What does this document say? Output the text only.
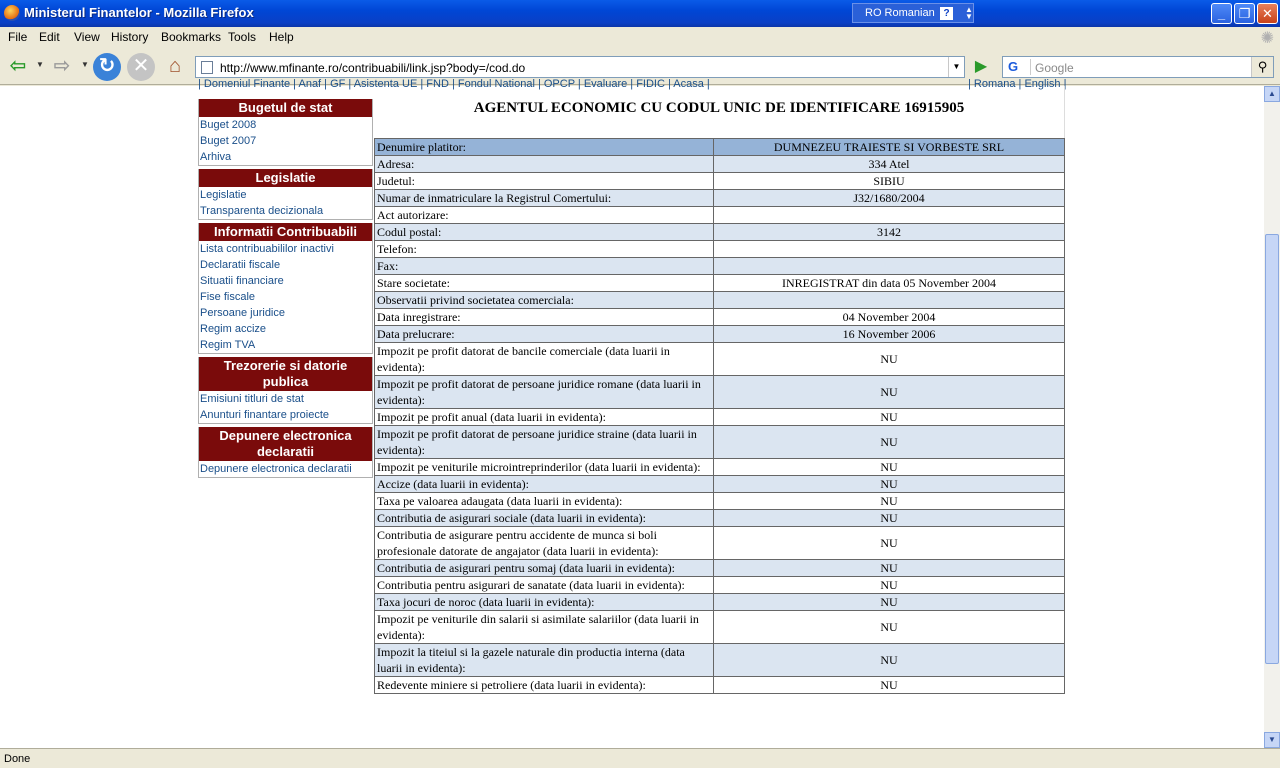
Ministerul Finantelor - Mozilla Firefox	RO Romanian ?	▲
▼	_	❐ ✕
File Edit View History Bookmarks Tools Help	✺
⇦	▼ ⇨	▼ ↻ ✕ ⌂	http://www.mfinante.ro/contribuabili/link.jsp?body=/cod.do	▼ ▶	G	Google	⚲
| Domeniul Finante | Anaf | GF | Asistenta UE | FND | Fondul National | OPCP | Evaluare | FIDIC | Acasa |	| Romana | English |
Bugetul de stat
Buget 2008
Buget 2007
Arhiva
Legislatie
Legislatie
Transparenta decizionala
Informatii Contribuabili
Lista contribuabililor inactivi
Declaratii fiscale
Situatii financiare
Fise fiscale
Persoane juridice
Regim accize
Regim TVA
Trezorerie si datorie publica
Emisiuni titluri de stat
Anunturi finantare proiecte
Depunere electronica declaratii
Depunere electronica declaratii
AGENTUL ECONOMIC CU CODUL UNIC DE IDENTIFICARE 16915905
Denumire platitor:	DUMNEZEU TRAIESTE SI VORBESTE SRL
Adresa:	334 Atel
Judetul:	SIBIU
Numar de inmatriculare la Registrul Comertului:	J32/1680/2004
Act autorizare:	
Codul postal:	3142
Telefon:	
Fax:	
Stare societate:	INREGISTRAT din data 05 November 2004
Observatii privind societatea comerciala:	
Data inregistrare:	04 November 2004
Data prelucrare:	16 November 2006
Impozit pe profit datorat de bancile comerciale (data luarii in evidenta):	NU
Impozit pe profit datorat de persoane juridice romane (data luarii in evidenta):	NU
Impozit pe profit anual (data luarii in evidenta):	NU
Impozit pe profit datorat de persoane juridice straine (data luarii in evidenta):	NU
Impozit pe veniturile microintreprinderilor (data luarii in evidenta):	NU
Accize (data luarii in evidenta):	NU
Taxa pe valoarea adaugata (data luarii in evidenta):	NU
Contributia de asigurari sociale (data luarii in evidenta):	NU
Contributia de asigurare pentru accidente de munca si boli profesionale datorate de angajator (data luarii in evidenta):	NU
Contributia de asigurari pentru somaj (data luarii in evidenta):	NU
Contributia pentru asigurari de sanatate (data luarii in evidenta):	NU
Taxa jocuri de noroc (data luarii in evidenta):	NU
Impozit pe veniturile din salarii si asimilate salariilor (data luarii in evidenta):	NU
Impozit la titeiul si la gazele naturale din productia interna (data luarii in evidenta):	NU
Redevente miniere si petroliere (data luarii in evidenta):	NU
▲
▼
Done
